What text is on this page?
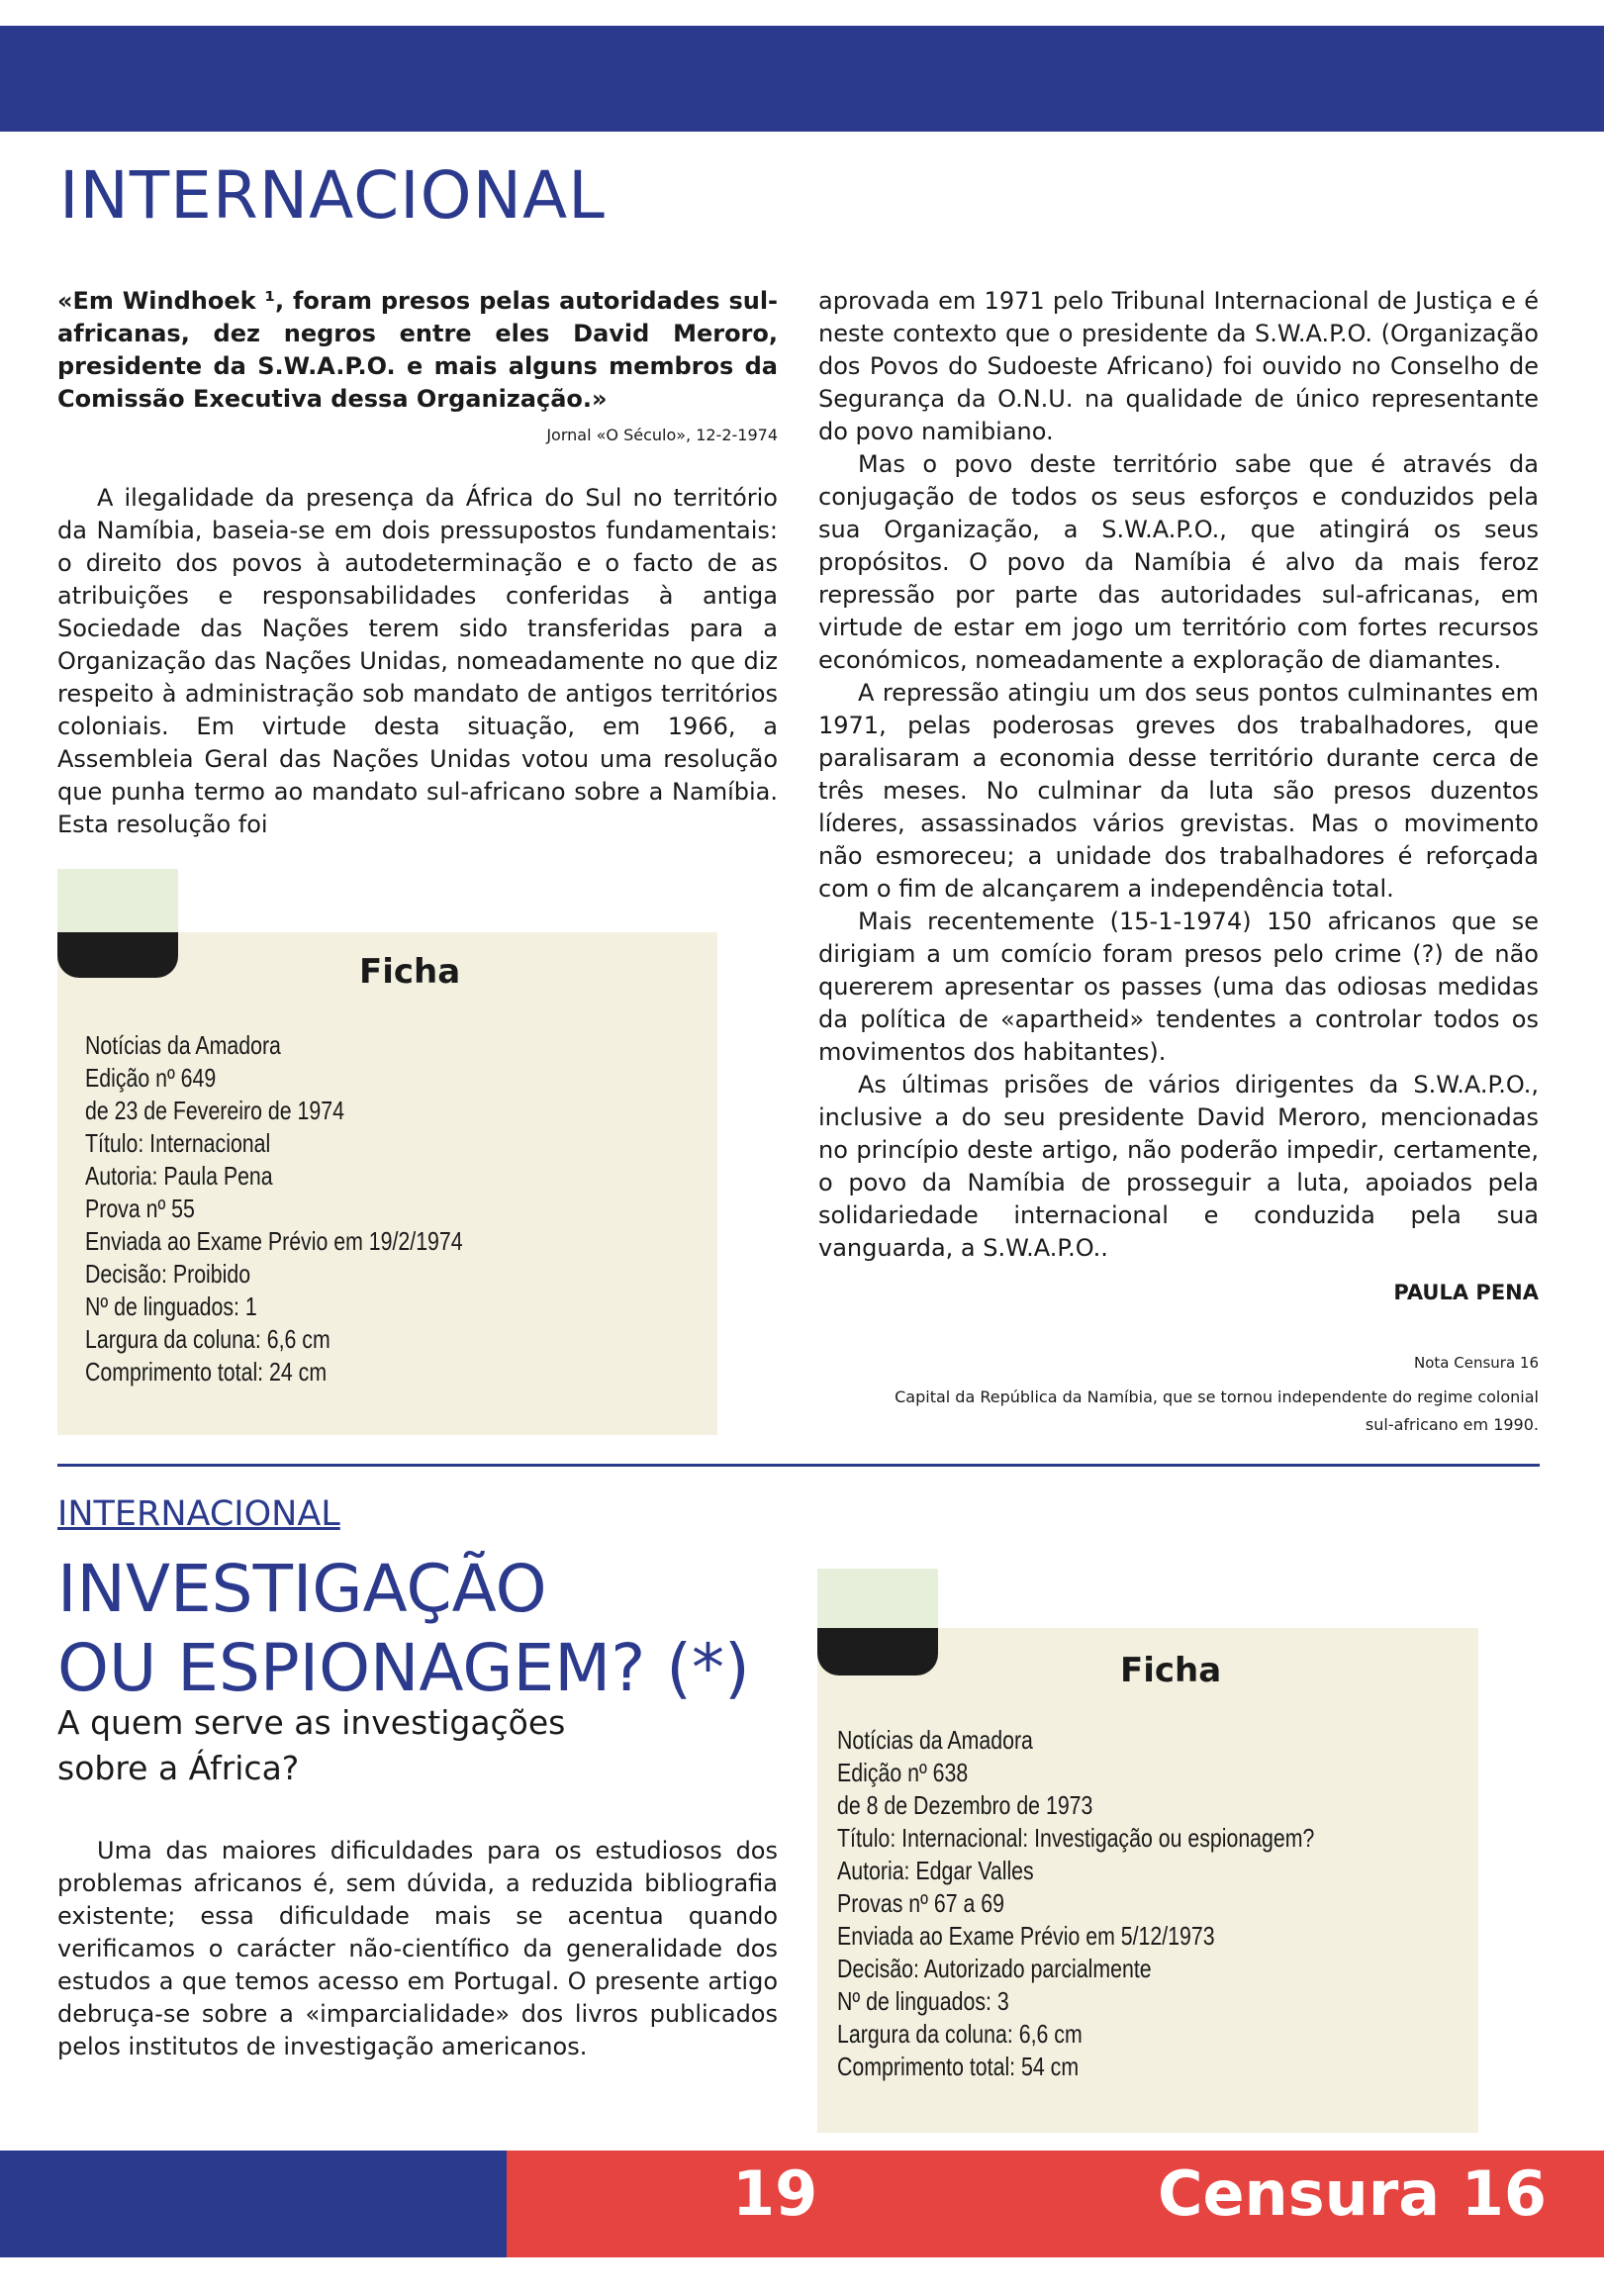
INTERNACIONAL
«Em Windhoek ¹, foram presos pelas autoridades sul-africanas, dez negros entre eles David Meroro, presidente da S.W.A.P.O. e mais alguns membros da Comissão Executiva dessa Organização.»
Jornal «O Século», 12-2-1974

A ilegalidade da presença da África do Sul no território da Namíbia, baseia-se em dois pressupostos fundamentais: o direito dos povos à autodeterminação e o facto de as atribuições e responsabilidades conferidas à antiga Sociedade das Nações terem sido transferidas para a Organização das Nações Unidas, nomeadamente no que diz respeito à administração sob mandato de antigos territórios coloniais. Em virtude desta situação, em 1966, a Assembleia Geral das Nações Unidas votou uma resolução que punha termo ao mandato sul-africano sobre a Namíbia. Esta resolução foi

aprovada em 1971 pelo Tribunal Internacional de Justiça e é neste contexto que o presidente da S.W.A.P.O. (Organização dos Povos do Sudoeste Africano) foi ouvido no Conselho de Segurança da O.N.U. na qualidade de único representante do povo namibiano.

Mas o povo deste território sabe que é através da conjugação de todos os seus esforços e conduzidos pela sua Organização, a S.W.A.P.O., que atingirá os seus propósitos. O povo da Namíbia é alvo da mais feroz repressão por parte das autoridades sul-africanas, em virtude de estar em jogo um território com fortes recursos económicos, nomeadamente a exploração de diamantes.

A repressão atingiu um dos seus pontos culminantes em 1971, pelas poderosas greves dos trabalhadores, que paralisaram a economia desse território durante cerca de três meses. No culminar da luta são presos duzentos líderes, assassinados vários grevistas. Mas o movimento não esmoreceu; a unidade dos trabalhadores é reforçada com o fim de alcançarem a independência total.

Mais recentemente (15-1-1974) 150 africanos que se dirigiam a um comício foram presos pelo crime (?) de não quererem apresentar os passes (uma das odiosas medidas da política de «apartheid» tendentes a controlar todos os movimentos dos habitantes).

As últimas prisões de vários dirigentes da S.W.A.P.O., inclusive a do seu presidente David Meroro, mencionadas no princípio deste artigo, não poderão impedir, certamente, o povo da Namíbia de prosseguir a luta, apoiados pela solidariedade internacional e conduzida pela sua vanguarda, a S.W.A.P.O..

PAULA PENA
Nota Censura 16
Capital da República da Namíbia, que se tornou independente do regime colonial
sul-africano em 1990.
Ficha
Notícias da Amadora
Edição nº 649
de 23 de Fevereiro de 1974
Título: Internacional
Autoria: Paula Pena
Prova nº 55
Enviada ao Exame Prévio em 19/2/1974
Decisão: Proibido
Nº de linguados: 1
Largura da coluna: 6,6 cm
Comprimento total: 24 cm
INTERNACIONAL
INVESTIGAÇÃO
OU ESPIONAGEM? (*)
A quem serve as investigações
sobre a África?

Uma das maiores dificuldades para os estudiosos dos problemas africanos é, sem dúvida, a reduzida bibliografia existente; essa dificuldade mais se acentua quando verificamos o carácter não-científico da generalidade dos estudos a que temos acesso em Portugal. O presente artigo debruça-se sobre a «imparcialidade» dos livros publicados pelos institutos de investigação americanos.

Ficha
Notícias da Amadora
Edição nº 638
de 8 de Dezembro de 1973
Título: Internacional: Investigação ou espionagem?
Autoria: Edgar Valles
Provas nº 67 a 69
Enviada ao Exame Prévio em 5/12/1973
Decisão: Autorizado parcialmente
Nº de linguados: 3
Largura da coluna: 6,6 cm
Comprimento total: 54 cm
19	Censura 16
